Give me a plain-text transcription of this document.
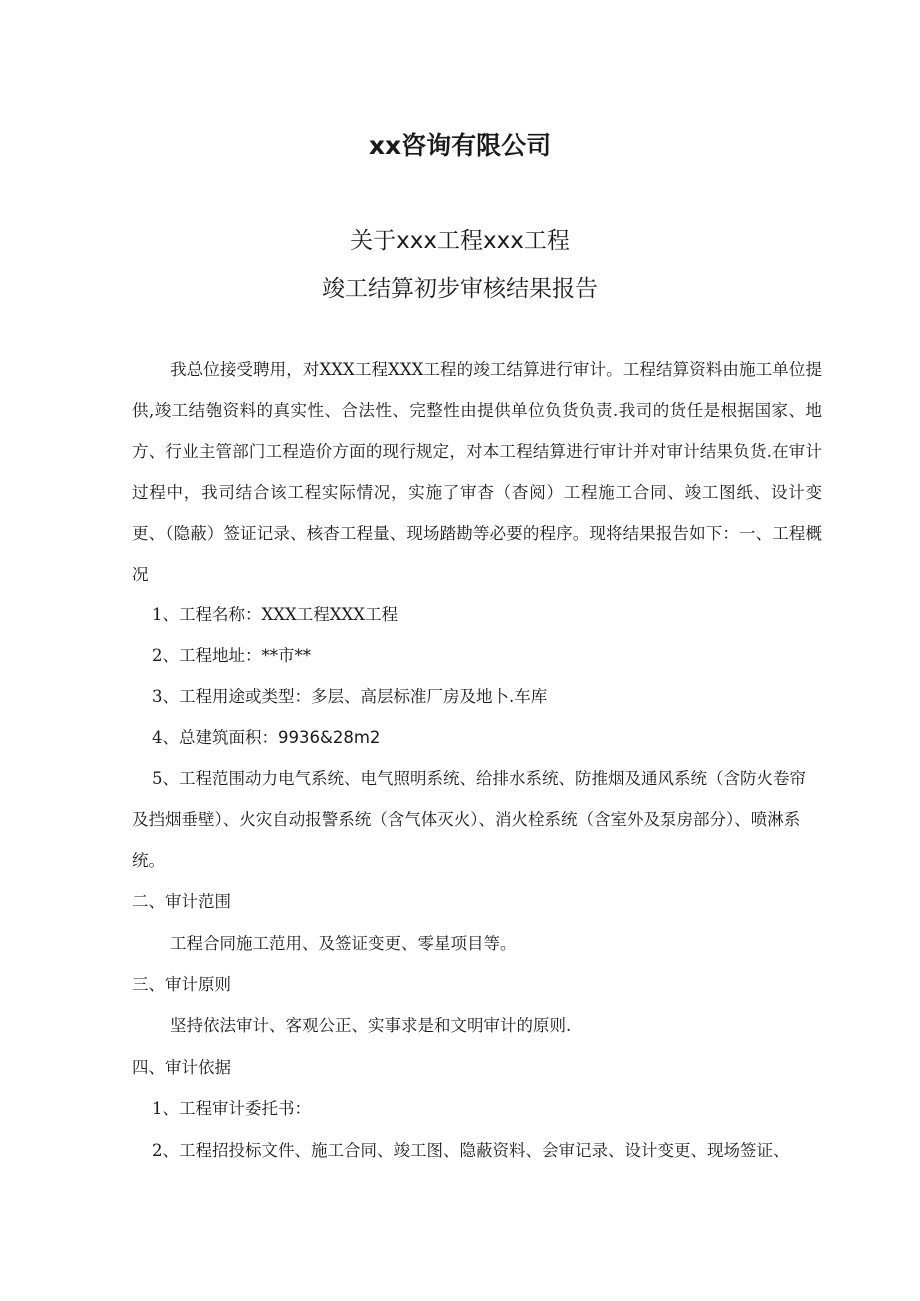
xx咨询有限公司
关于xxx工程xxx工程
竣工结算初步审核结果报告

我总位接受聘用，对XXX工程XXX工程的竣工结算进行审计。工程结算资料由施工单位提供,竣工结匏资料的真实性、合法性、完整性由提供单位负货负责.我司的货任是根据国家、地方、行业主管部门工程造价方面的现行规定，对本工程结算进行审计并对审计结果负货.在审计过程中，我司结合该工程实际情况，实施了审杳（杳阅）工程施工合同、竣工图纸、设计变更、（隐蔽）签证记录、核杳工程量、现场踏勘等必要的程序。现将结果报告如下：一、工程概况

1、工程名称：XXX工程XXX工程
2、工程地址：**市**
3、工程用途或类型：多层、高层标准厂房及地卜.车库
4、总建筑面积：9936&28m2

5、工程范围动力电气系统、电气照明系统、给排水系统、防推烟及通风系统（含防火卷帘及挡烟垂壁）、火灾自动报警系统（含气体灭火）、消火栓系统（含室外及泵房部分）、喷淋系统。

二、审计范围
工程合同施工范用、及签证变更、零星项目等。
三、审计原则
坚持依法审计、客观公正、实事求是和文明审计的原则.
四、审计依据
1、工程审计委托书：
2、工程招投标文件、施工合同、竣工图、隐蔽资料、会审记录、设计变更、现场签证、
